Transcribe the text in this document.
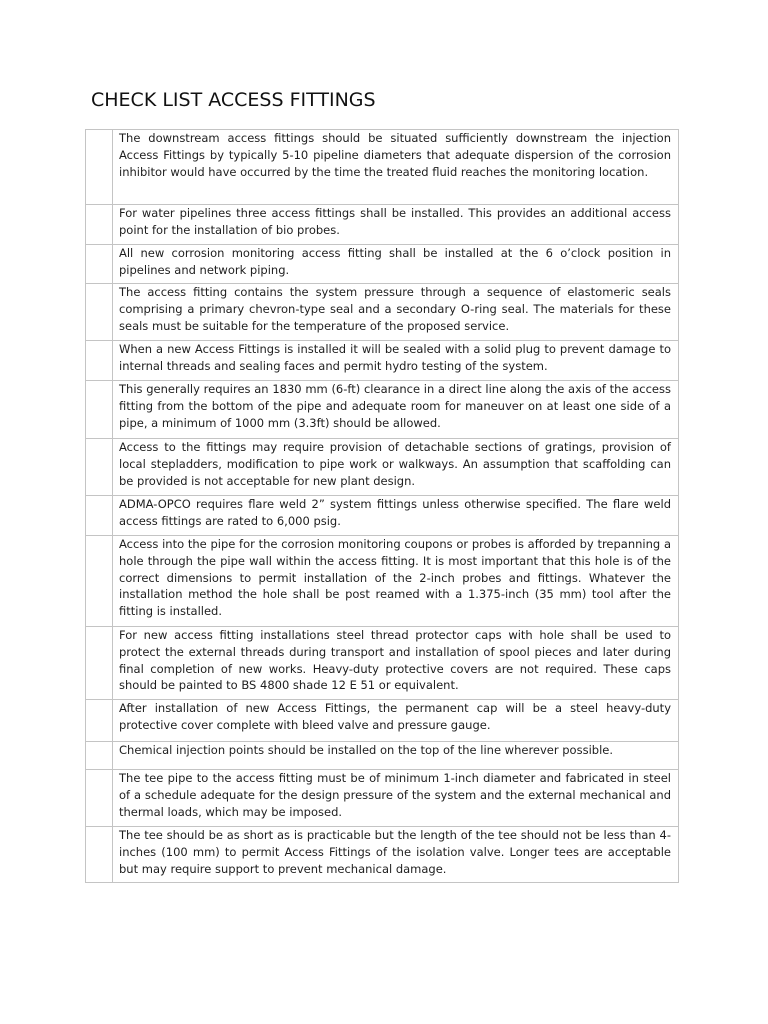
CHECK LIST ACCESS FITTINGS
The downstream access fittings should be situated sufficiently downstream the injection Access Fittings by typically 5-10 pipeline diameters that adequate dispersion of the corrosion inhibitor would have occurred by the time the treated fluid reaches the monitoring location.
For water pipelines three access fittings shall be installed. This provides an additional access point for the installation of bio probes.
All new corrosion monitoring access fitting shall be installed at the 6 o’clock position in pipelines and network piping.
The access fitting contains the system pressure through a sequence of elastomeric seals comprising a primary chevron-type seal and a secondary O-ring seal. The materials for these seals must be suitable for the temperature of the proposed service.
When a new Access Fittings is installed it will be sealed with a solid plug to prevent damage to internal threads and sealing faces and permit hydro testing of the system.
This generally requires an 1830 mm (6-ft) clearance in a direct line along the axis of the access fitting from the bottom of the pipe and adequate room for maneuver on at least one side of a pipe, a minimum of 1000 mm (3.3ft) should be allowed.
Access to the fittings may require provision of detachable sections of gratings, provision of local stepladders, modification to pipe work or walkways. An assumption that scaffolding can be provided is not acceptable for new plant design.
ADMA-OPCO requires flare weld 2” system fittings unless otherwise specified. The flare weld access fittings are rated to 6,000 psig.
Access into the pipe for the corrosion monitoring coupons or probes is afforded by trepanning a hole through the pipe wall within the access fitting. It is most important that this hole is of the correct dimensions to permit installation of the 2-inch probes and fittings. Whatever the installation method the hole shall be post reamed with a 1.375-inch (35 mm) tool after the fitting is installed.
For new access fitting installations steel thread protector caps with hole shall be used to protect the external threads during transport and installation of spool pieces and later during final completion of new works. Heavy-duty protective covers are not required. These caps should be painted to BS 4800 shade 12 E 51 or equivalent.
After installation of new Access Fittings, the permanent cap will be a steel heavy-duty protective cover complete with bleed valve and pressure gauge.
Chemical injection points should be installed on the top of the line wherever possible.
The tee pipe to the access fitting must be of minimum 1-inch diameter and fabricated in steel of a schedule adequate for the design pressure of the system and the external mechanical and thermal loads, which may be imposed.
The tee should be as short as is practicable but the length of the tee should not be less than 4-inches (100 mm) to permit Access Fittings of the isolation valve. Longer tees are acceptable but may require support to prevent mechanical damage.
